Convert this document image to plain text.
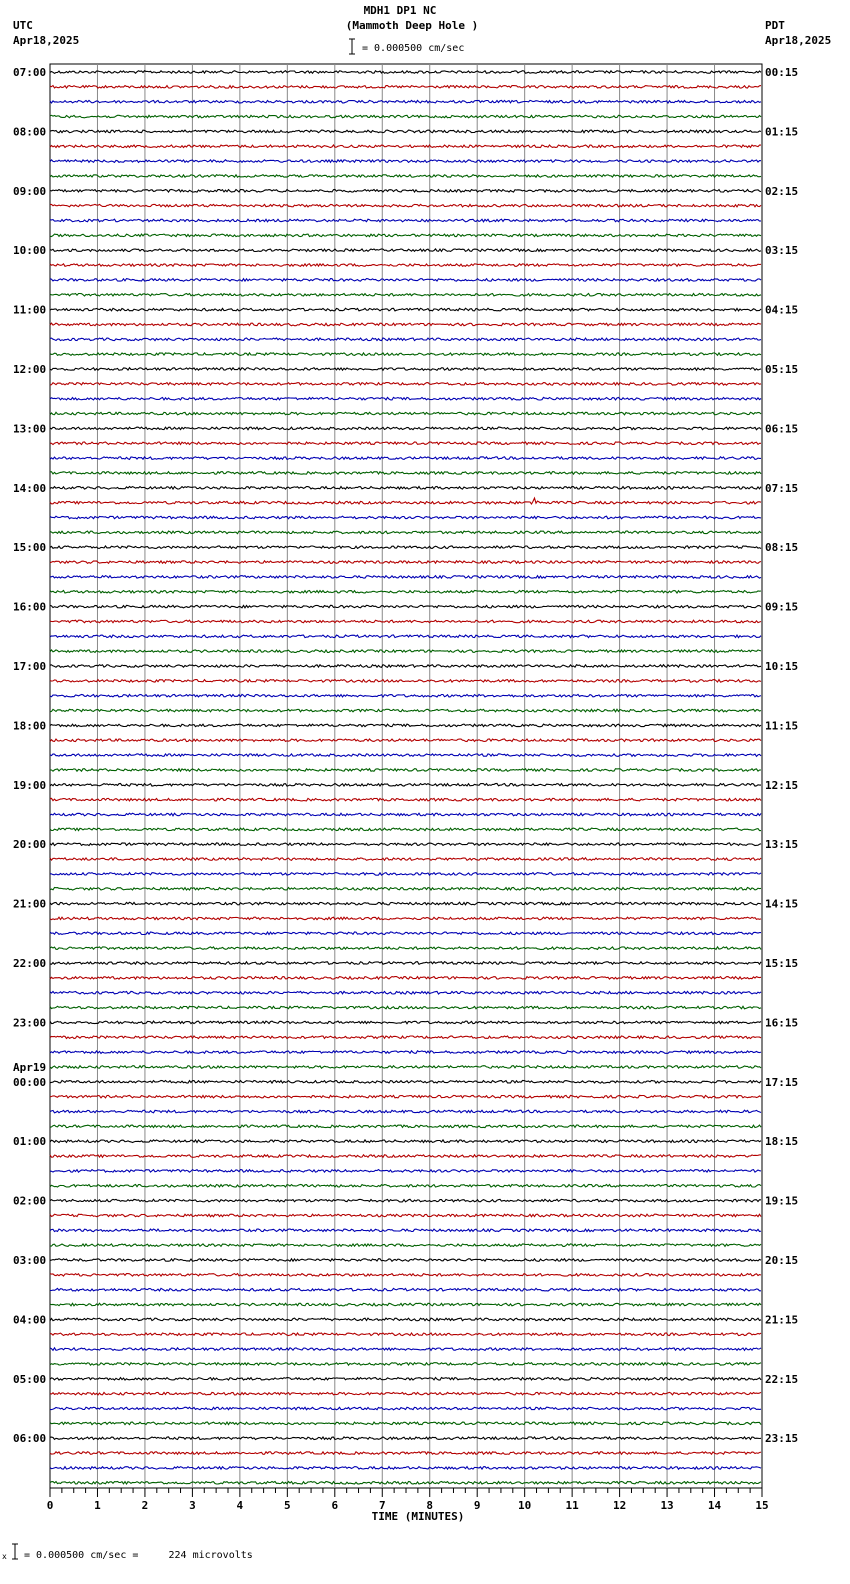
MDH1 DP1 NC
(Mammoth Deep Hole )
= 0.000500 cm/sec
UTC
Apr18,2025
PDT
Apr18,2025
07:00	00:15
08:00	01:15
09:00	02:15
10:00	03:15
11:00	04:15
12:00	05:15
13:00	06:15
14:00	07:15
15:00	08:15
16:00	09:15
17:00	10:15
18:00	11:15
19:00	12:15
20:00	13:15
21:00	14:15
22:00	15:15
23:00	16:15
00:00	17:15
01:00	18:15
02:00	19:15
03:00	20:15
04:00	21:15
05:00	22:15
06:00	23:15
Apr19
0	1	2	3	4	5	6	7	8	9	10	11	12	13	14	15
TIME (MINUTES)
x = 0.000500 cm/sec =     224 microvolts
